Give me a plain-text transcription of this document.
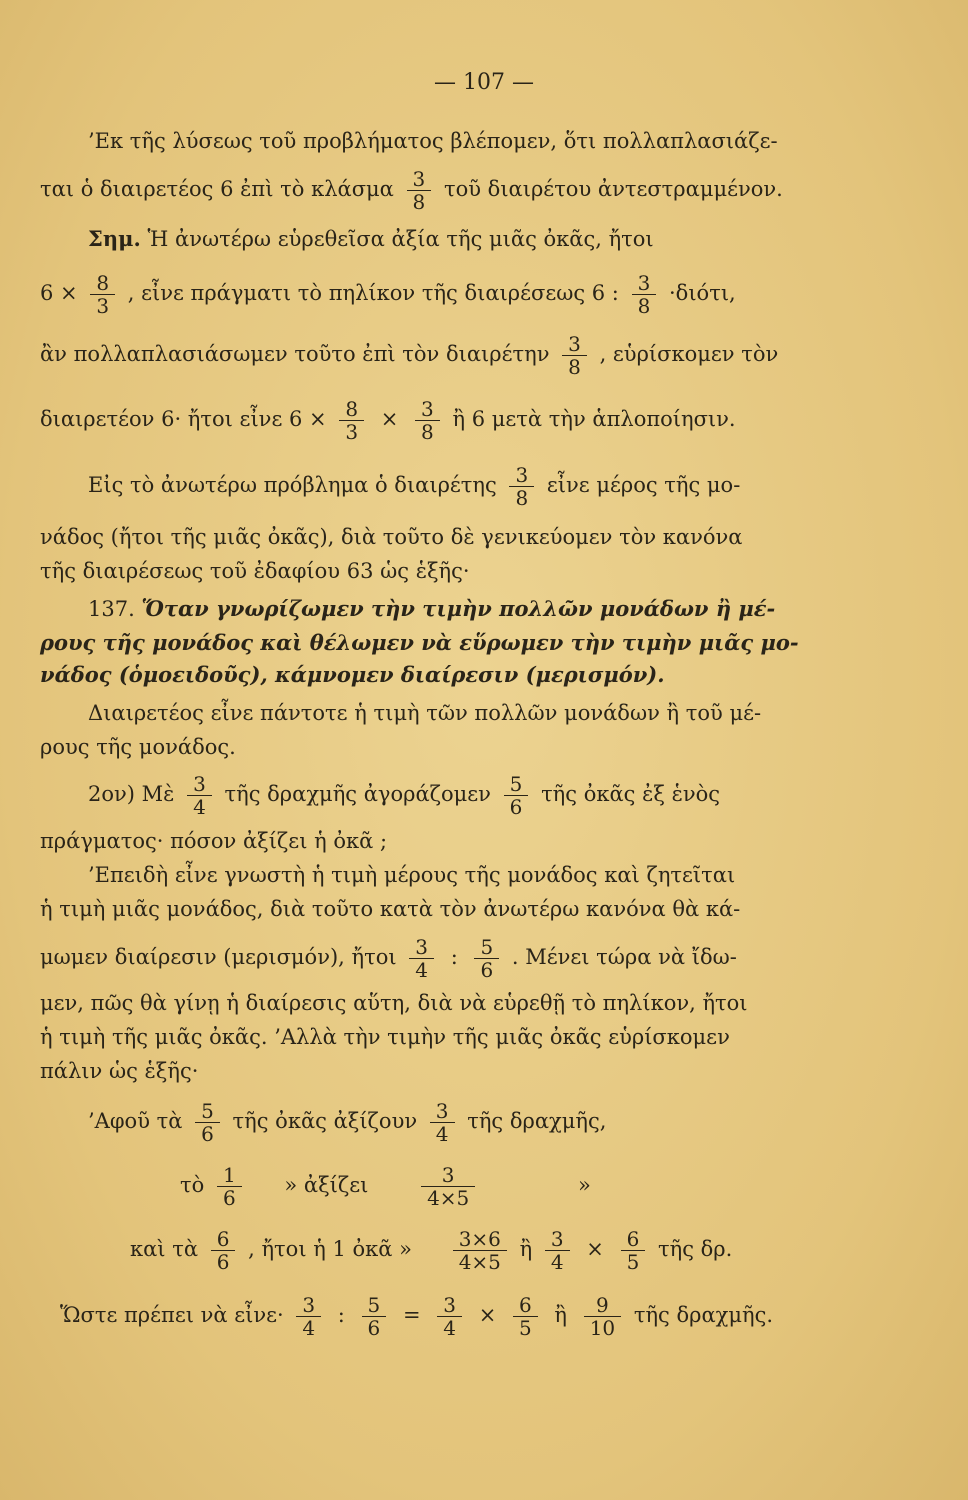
— 107 —
’Εκ τῆς λύσεως τοῦ προβλήματος βλέπομεν, ὅτι πολλαπλασιάζε-
ται ὁ διαιρετέος 6 ἐπὶ τὸ κλάσμα $\frac{3}{8}$ τοῦ διαιρέτου ἀντεστραμμένον.
Σημ. Ἡ ἀνωτέρω εὑρεθεῖσα ἀξία τῆς μιᾶς ὀκᾶς, ἤτοι
$6 \times \frac{8}{3}$ , εἶνε πράγματι τὸ πηλίκον τῆς διαιρέσεως 6 : $\frac{3}{8} \cdot\delta\iota ό\tau\iota$,
ἂν πολλαπλασιάσωμεν τοῦτο ἐπὶ τὸν διαιρέτην $\frac{3}{8}$ , εὑρίσκομεν τὸν
διαιρετέον 6· ἤτοι εἶνε $6 \times \frac{8}{3} \times \frac{3}{8}$ ἢ 6 μετὰ τὴν ἁπλοποίησιν.
Εἰς τὸ ἀνωτέρω πρόβλημα ὁ διαιρέτης $\frac{3}{8}$ εἶνε μέρος τῆς μο-
νάδος (ἤτοι τῆς μιᾶς ὀκᾶς), διὰ τοῦτο δὲ γενικεύομεν τὸν κανόνα
τῆς διαιρέσεως τοῦ ἐδαφίου 63 ὡς ἑξῆς·
137. Ὅταν γνωρίζωμεν τὴν τιμὴν πολλῶν μονάδων ἢ μέ-
ρους τῆς μονάδος καὶ θέλωμεν νὰ εὕρωμεν τὴν τιμὴν μιᾶς μο-
νάδος (ὁμοειδοῦς), κάμνομεν διαίρεσιν (μερισμόν).
Διαιρετέος εἶνε πάντοτε ἡ τιμὴ τῶν πολλῶν μονάδων ἢ τοῦ μέ-
ρους τῆς μονάδος.
2ον) Μὲ $\frac{3}{4}$ τῆς δραχμῆς ἀγοράζομεν $\frac{5}{6}$ τῆς ὀκᾶς ἐξ ἑνὸς
πράγματος· πόσον ἀξίζει ἡ ὀκᾶ ;
’Επειδὴ εἶνε γνωστὴ ἡ τιμὴ μέρους τῆς μονάδος καὶ ζητεῖται
ἡ τιμὴ μιᾶς μονάδος, διὰ τοῦτο κατὰ τὸν ἀνωτέρω κανόνα θὰ κά-
μωμεν διαίρεσιν (μερισμόν), ἤτοι $\frac{3}{4}$ : $\frac{5}{6}$ . Μένει τώρα νὰ ἴδω-
μεν, πῶς θὰ γίνῃ ἡ διαίρεσις αὕτη, διὰ νὰ εὑρεθῇ τὸ πηλίκον, ἤτοι
ἡ τιμὴ τῆς μιᾶς ὀκᾶς. ’Αλλὰ τὴν τιμὴν τῆς μιᾶς ὀκᾶς εὑρίσκομεν
πάλιν ὡς ἑξῆς·
’Αφοῦ τὰ $\frac{5}{6}$ τῆς ὀκᾶς ἀξίζουν $\frac{3}{4}$ τῆς δραχμῆς,
τὸ $\frac{1}{6}$ » ἀξίζει	$\frac{3}{4\times 5}$	»
καὶ τὰ $\frac{6}{6}$ , ἤτοι ἡ 1 ὀκᾶ » $\frac{3\times 6}{4\times 5}$ ἢ $\frac{3}{4} \times \frac{6}{5}$ τῆς δρ.
Ὥστε πρέπει νὰ εἶνε· $\frac{3}{4}$ : $\frac{5}{6} = \frac{3}{4} \times \frac{6}{5}$ ἢ $\frac{9}{10}$ τῆς δραχμῆς.
